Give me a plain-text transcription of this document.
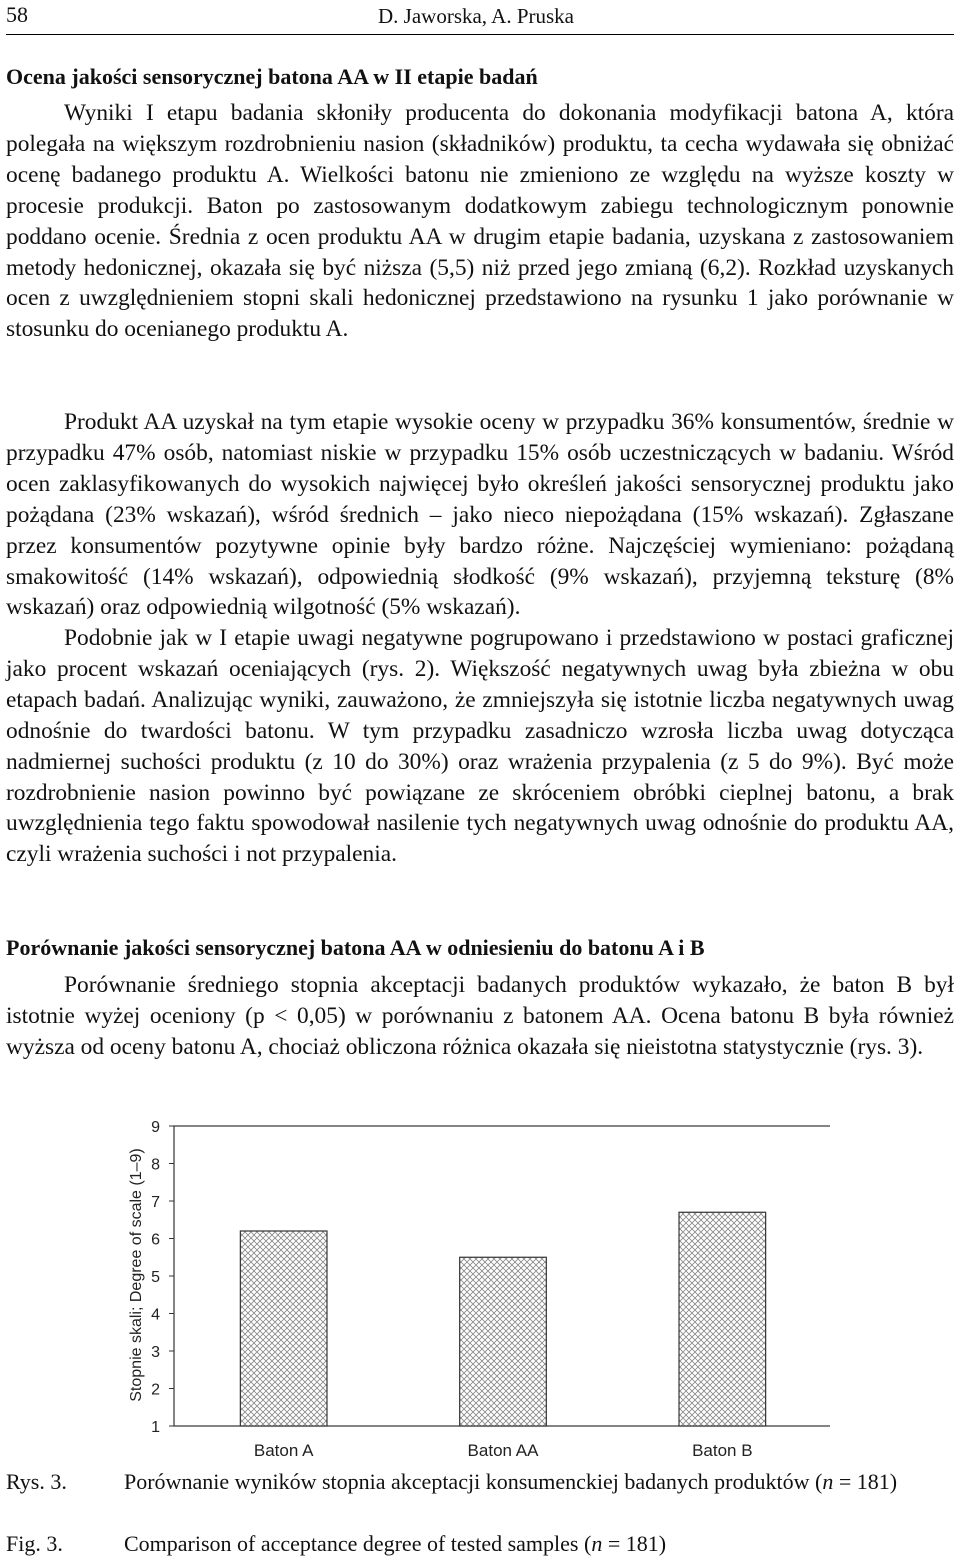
58	D. Jaworska, A. Pruska
Ocena jakości sensorycznej batona AA w II etapie badań

Wyniki I etapu badania skłoniły producenta do dokonania modyfikacji batona A, która polegała na większym rozdrobnieniu nasion (składników) produktu, ta cecha wydawała się obniżać ocenę badanego produktu A. Wielkości batonu nie zmieniono ze względu na wyższe koszty w procesie produkcji. Baton po zastosowanym dodatkowym zabiegu technologicznym ponownie poddano ocenie. Średnia z ocen produktu AA w drugim etapie badania, uzyskana z zastosowaniem metody hedonicznej, okazała się być niższa (5,5) niż przed jego zmianą (6,2). Rozkład uzyskanych ocen z uwzględnieniem stopni skali hedonicznej przedstawiono na rysunku 1 jako porównanie w stosunku do ocenianego produktu A.

Produkt AA uzyskał na tym etapie wysokie oceny w przypadku 36% konsumentów, średnie w przypadku 47% osób, natomiast niskie w przypadku 15% osób uczestniczących w badaniu. Wśród ocen zaklasyfikowanych do wysokich najwięcej było określeń jakości sensorycznej produktu jako pożądana (23% wskazań), wśród średnich – jako nieco niepożądana (15% wskazań). Zgłaszane przez konsumentów pozytywne opinie były bardzo różne. Najczęściej wymieniano: pożądaną smakowitość (14% wskazań), odpowiednią słodkość (9% wskazań), przyjemną teksturę (8% wskazań) oraz odpowiednią wilgotność (5% wskazań).

Podobnie jak w I etapie uwagi negatywne pogrupowano i przedstawiono w postaci graficznej jako procent wskazań oceniających (rys. 2). Większość negatywnych uwag była zbieżna w obu etapach badań. Analizując wyniki, zauważono, że zmniejszyła się istotnie liczba negatywnych uwag odnośnie do twardości batonu. W tym przypadku zasadniczo wzrosła liczba uwag dotycząca nadmiernej suchości produktu (z 10 do 30%) oraz wrażenia przypalenia (z 5 do 9%). Być może rozdrobnienie nasion powinno być powiązane ze skróceniem obróbki cieplnej batonu, a brak uwzględnienia tego faktu spowodował nasilenie tych negatywnych uwag odnośnie do produktu AA, czyli wrażenia suchości i not przypalenia.

Porównanie jakości sensorycznej batona AA w odniesieniu do batonu A i B

Porównanie średniego stopnia akceptacji badanych produktów wykazało, że baton B był istotnie wyżej oceniony (p < 0,05) w porównaniu z batonem AA. Ocena batonu B była również wyższa od oceny batonu A, chociaż obliczona różnica okazała się nieistotna statystycznie (rys. 3).

1
2
3
4
5
6
7
8
9
Baton A	Baton AA	Baton B
Stopnie skali; Degree of scale (1–9)
Rys. 3.	Porównanie wyników stopnia akceptacji konsumenckiej badanych produktów (n = 181)
Fig. 3.	Comparison of acceptance degree of tested samples (n = 181)
